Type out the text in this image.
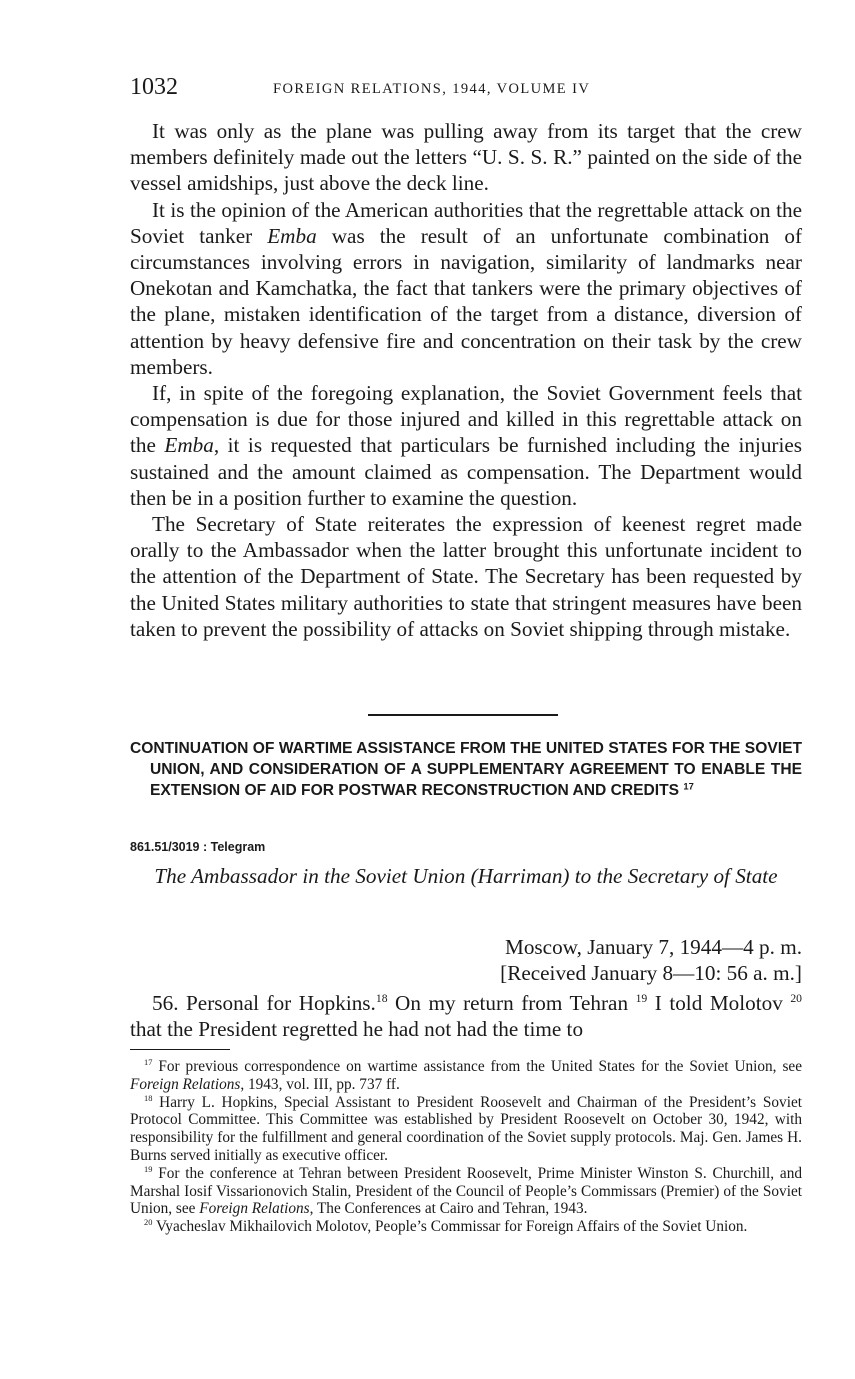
1032	FOREIGN RELATIONS, 1944, VOLUME IV

It was only as the plane was pulling away from its target that the crew members definitely made out the letters “U. S. S. R.” painted on the side of the vessel amidships, just above the deck line.

It is the opinion of the American authorities that the regrettable attack on the Soviet tanker Emba was the result of an unfortunate combination of circumstances involving errors in navigation, similarity of landmarks near Onekotan and Kamchatka, the fact that tankers were the primary objectives of the plane, mistaken identification of the target from a distance, diversion of attention by heavy defensive fire and concentration on their task by the crew members.

If, in spite of the foregoing explanation, the Soviet Government feels that compensation is due for those injured and killed in this regrettable attack on the Emba, it is requested that particulars be furnished including the injuries sustained and the amount claimed as compensation. The Department would then be in a position further to examine the question.

The Secretary of State reiterates the expression of keenest regret made orally to the Ambassador when the latter brought this unfortunate incident to the attention of the Department of State. The Secretary has been requested by the United States military authorities to state that stringent measures have been taken to prevent the possibility of attacks on Soviet shipping through mistake.

CONTINUATION OF WARTIME ASSISTANCE FROM THE UNITED STATES FOR THE SOVIET UNION, AND CONSIDERATION OF A SUPPLEMENTARY AGREEMENT TO ENABLE THE EXTENSION OF AID FOR POSTWAR RECONSTRUCTION AND CREDITS $^{17}$
861.51/3019 : Telegram
The Ambassador in the Soviet Union (Harriman) to the Secretary of State
Moscow, January 7, 1944—4 p. m.
[Received January 8—10: 56 a. m.]

56. Personal for Hopkins.$^{18}$ On my return from Tehran $^{19}$ I told Molotov $^{20}$ that the President regretted he had not had the time to

$^{17}$ For previous correspondence on wartime assistance from the United States for the Soviet Union, see Foreign Relations, 1943, vol. III, pp. 737 ff.

$^{18}$ Harry L. Hopkins, Special Assistant to President Roosevelt and Chairman of the President’s Soviet Protocol Committee. This Committee was established by President Roosevelt on October 30, 1942, with responsibility for the fulfillment and general coordination of the Soviet supply protocols. Maj. Gen. James H. Burns served initially as executive officer.

$^{19}$ For the conference at Tehran between President Roosevelt, Prime Minister Winston S. Churchill, and Marshal Iosif Vissarionovich Stalin, President of the Council of People’s Commissars (Premier) of the Soviet Union, see Foreign Relations, The Conferences at Cairo and Tehran, 1943.

$^{20}$ Vyacheslav Mikhailovich Molotov, People’s Commissar for Foreign Affairs of the Soviet Union.
